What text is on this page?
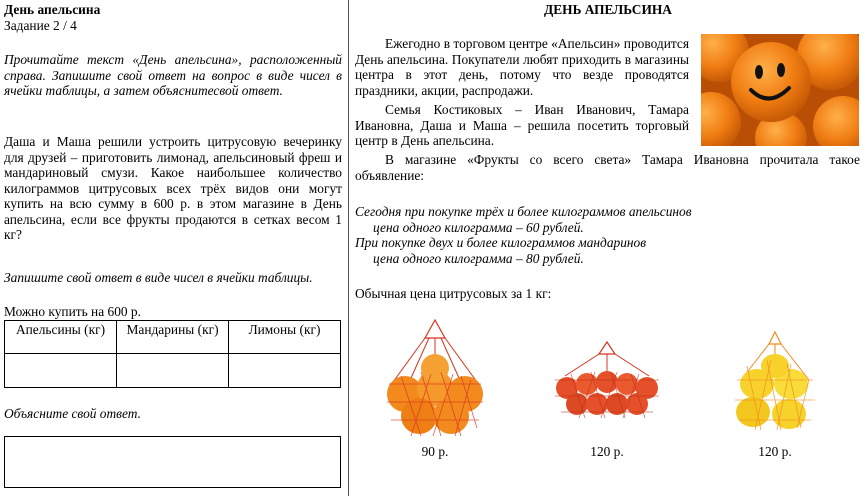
День апельсина
Задание 2 / 4

Прочитайте текст «День апельсина», расположенный справа. Запишите свой ответ на вопрос в виде чисел в ячейки таблицы, а затем объяснитесвой ответ.

Даша и Маша решили устроить цитрусовую вечеринку для друзей – приготовить лимонад, апельсиновый фреш и мандариновый смузи. Какое наибольшее количество килограммов цитрусовых всех трёх видов они могут купить на всю сумму в 600 р. в этом магазине в День апельсина, если все фрукты продаются в сетках весом 1 кг?

Запишите свой ответ в виде чисел в ячейки таблицы.

Можно купить на 600 р.
Апельсины (кг)	Мандарины (кг)	Лимоны (кг)

Объясните свой ответ.
ДЕНЬ АПЕЛЬСИНА

Ежегодно в торговом центре «Апельсин» проводится День апельсина. Покупатели любят приходить в магазины центра в этот день, потому что везде проводятся праздники, акции, распродажи.

Семья Костиковых – Иван Иванович, Тамара Ивановна, Даша и Маша – решила посетить торговый центр в День апельсина.

В магазине «Фрукты со всего света» Тамара Ивановна прочитала такое объявление:

Сегодня при покупке трёх и более килограммов апельсинов
цена одного килограмма – 60 рублей.
При покупке двух и более килограммов мандаринов
цена одного килограмма – 80 рублей.
Обычная цена цитрусовых за 1 кг:
90 р.	120 р.	120 р.
